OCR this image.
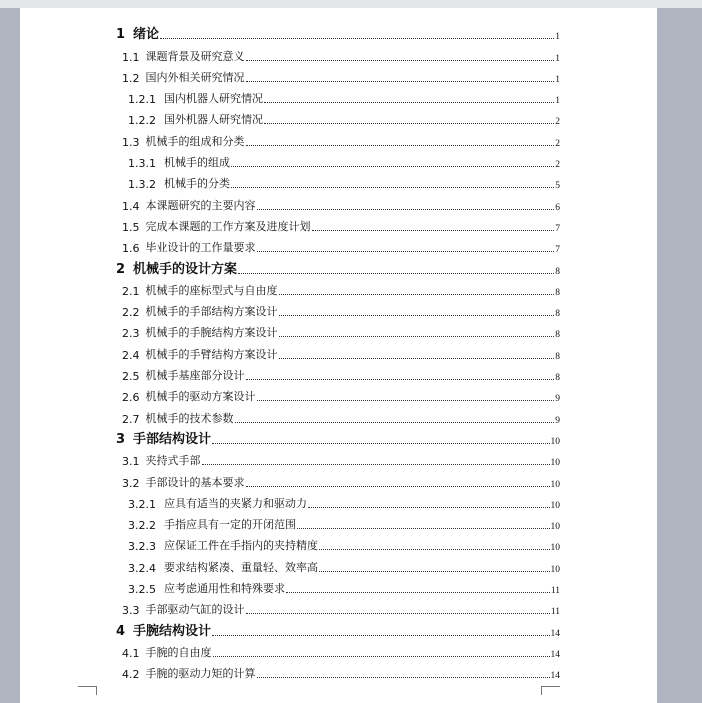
1 绪论	1
1.1 课题背景及研究意义	1
1.2 国内外相关研究情况	1
1.2.1 国内机器人研究情况	1
1.2.2 国外机器人研究情况	2
1.3 机械手的组成和分类	2
1.3.1 机械手的组成	2
1.3.2 机械手的分类	5
1.4 本课题研究的主要内容	6
1.5 完成本课题的工作方案及进度计划	7
1.6 毕业设计的工作量要求	7
2 机械手的设计方案	8
2.1 机械手的座标型式与自由度	8
2.2 机械手的手部结构方案设计	8
2.3 机械手的手腕结构方案设计	8
2.4 机械手的手臂结构方案设计	8
2.5 机械手基座部分设计	8
2.6 机械手的驱动方案设计	9
2.7 机械手的技术参数	9
3 手部结构设计	10
3.1 夹持式手部	10
3.2 手部设计的基本要求	10
3.2.1 应具有适当的夹紧力和驱动力	10
3.2.2 手指应具有一定的开闭范围	10
3.2.3 应保证工件在手指内的夹持精度	10
3.2.4 要求结构紧凑、重量轻、效率高	10
3.2.5 应考虑通用性和特殊要求	11
3.3 手部驱动气缸的设计	11
4 手腕结构设计	14
4.1 手腕的自由度	14
4.2 手腕的驱动力矩的计算	14
